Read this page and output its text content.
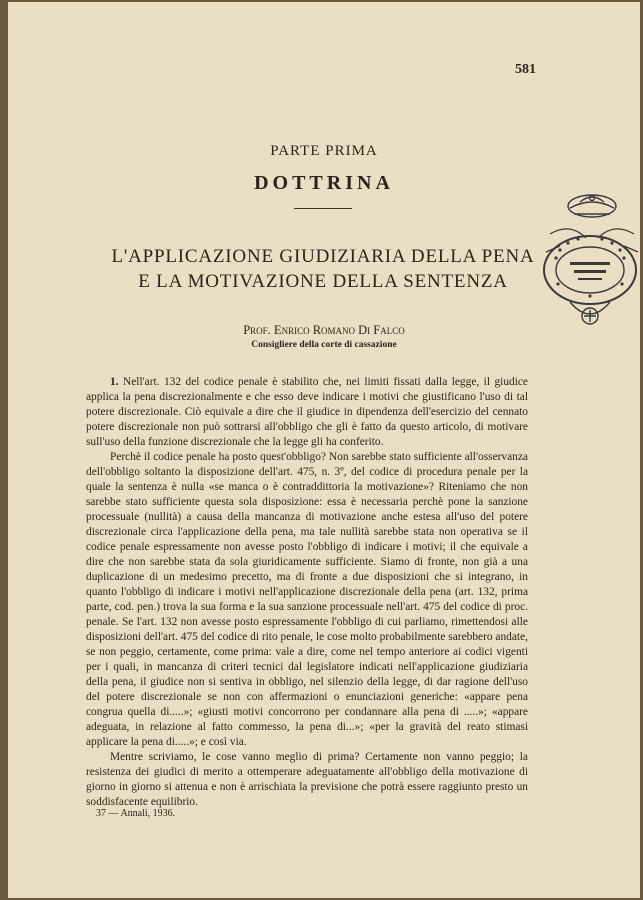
581
PARTE PRIMA
DOTTRINA
L'APPLICAZIONE GIUDIZIARIA DELLA PENA
E LA MOTIVAZIONE DELLA SENTENZA
Prof. Enrico Romano Di Falco
Consigliere della corte di cassazione

1. Nell'art. 132 del codice penale è stabilito che, nei limiti fissati dalla legge, il giudice applica la pena discrezionalmente e che esso deve indicare i motivi che giustificano l'uso di tal potere discrezionale. Ciò equivale a dire che il giudice in dipendenza dell'esercizio del cennato potere discrezionale non può sottrarsi all'obbligo che gli è fatto da questo articolo, di motivare sull'uso della funzione discrezionale che la legge gli ha conferito.

Perchè il codice penale ha posto quest'obbligo? Non sarebbe stato sufficiente all'osservanza dell'obbligo soltanto la disposizione dell'art. 475, n. 3º, del codice di procedura penale per la quale la sentenza è nulla «se manca o è contraddittoria la motivazione»? Riteniamo che non sarebbe stato sufficiente questa sola disposizione: essa è necessaria perchè pone la sanzione processuale (nullità) a causa della mancanza di motivazione anche estesa all'uso del potere discrezionale circa l'applicazione della pena, ma tale nullità sarebbe stata non operativa se il codice penale espressamente non avesse posto l'obbligo di indicare i motivi; il che equivale a dire che non sarebbe stata da sola giuridicamente sufficiente. Siamo di fronte, non già a una duplicazione di un medesimo precetto, ma di fronte a due disposizioni che si integrano, in quanto l'obbligo di indicare i motivi nell'applicazione discrezionale della pena (art. 132, prima parte, cod. pen.) trova la sua forma e la sua sanzione processuale nell'art. 475 del codice di proc. penale. Se l'art. 132 non avesse posto espressamente l'obbligo di cui parliamo, rimettendosi alle disposizioni dell'art. 475 del codice di rito penale, le cose molto probabilmente sarebbero andate, se non peggio, certamente, come prima: vale a dire, come nel tempo anteriore ai codici vigenti per i quali, in mancanza di criteri tecnici dal legislatore indicati nell'applicazione giudiziaria della pena, il giudice non si sentiva in obbligo, nel silenzio della legge, di dar ragione dell'uso del potere discrezionale se non con affermazioni o enunciazioni generiche: «appare pena congrua quella di.....»; «giusti motivi concorrono per condannare alla pena di .....»; «appare adeguata, in relazione al fatto commesso, la pena di...»; «per la gravità del reato stimasi applicare la pena di.....»; e così via.

Mentre scriviamo, le cose vanno meglio di prima? Certamente non vanno peggio; la resistenza dei giudici di merito a ottemperare adeguatamente all'obbligo della motivazione di giorno in giorno si attenua e non è arrischiata la previsione che potrà essere raggiunto presto un soddisfacente equilibrio.

37 — Annali, 1936.
